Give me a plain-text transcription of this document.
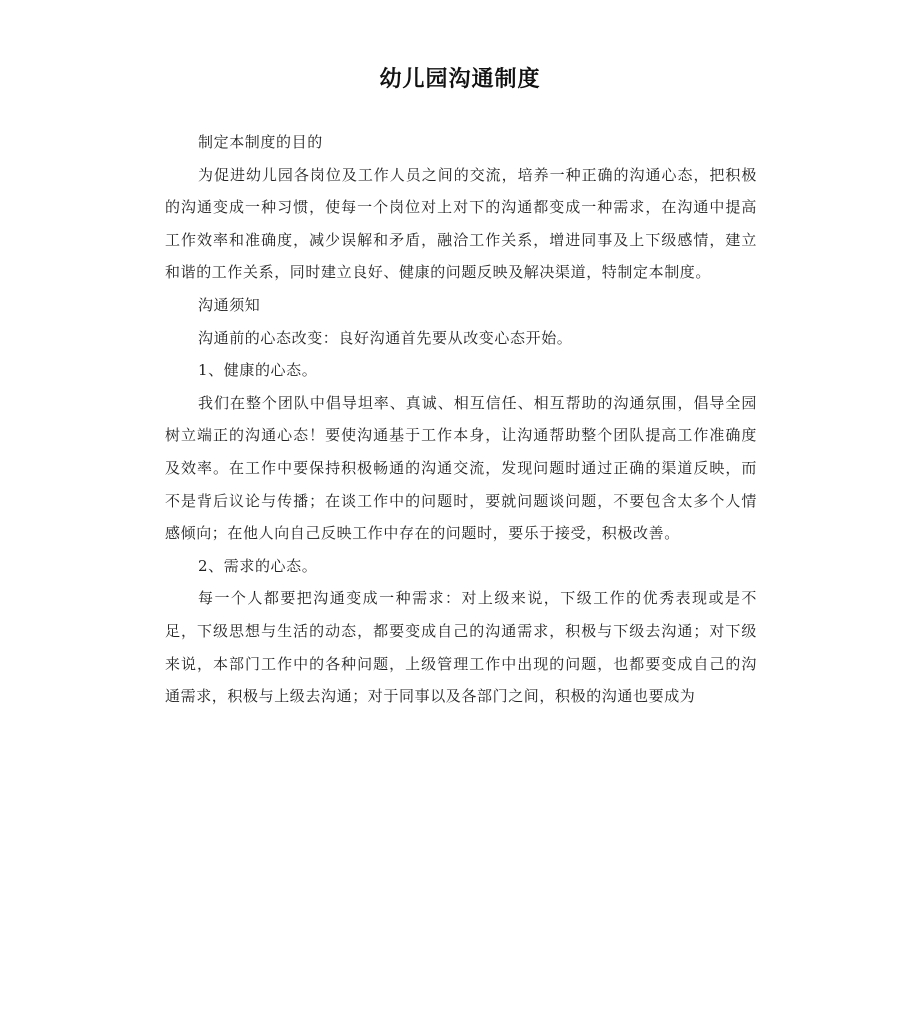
幼儿园沟通制度

制定本制度的目的

为促进幼儿园各岗位及工作人员之间的交流，培养一种正确的沟通心态，把积极的沟通变成一种习惯，使每一个岗位对上对下的沟通都变成一种需求，在沟通中提高工作效率和准确度，减少误解和矛盾，融洽工作关系，增进同事及上下级感情，建立和谐的工作关系，同时建立良好、健康的问题反映及解决渠道，特制定本制度。

沟通须知

沟通前的心态改变：良好沟通首先要从改变心态开始。

1、健康的心态。

我们在整个团队中倡导坦率、真诚、相互信任、相互帮助的沟通氛围，倡导全园树立端正的沟通心态！要使沟通基于工作本身，让沟通帮助整个团队提高工作准确度及效率。在工作中要保持积极畅通的沟通交流，发现问题时通过正确的渠道反映，而不是背后议论与传播；在谈工作中的问题时，要就问题谈问题，不要包含太多个人情感倾向；在他人向自己反映工作中存在的问题时，要乐于接受，积极改善。

2、需求的心态。

每一个人都要把沟通变成一种需求：对上级来说，下级工作的优秀表现或是不足，下级思想与生活的动态，都要变成自己的沟通需求，积极与下级去沟通；对下级来说，本部门工作中的各种问题，上级管理工作中出现的问题，也都要变成自己的沟通需求，积极与上级去沟通；对于同事以及各部门之间，积极的沟通也要成为
